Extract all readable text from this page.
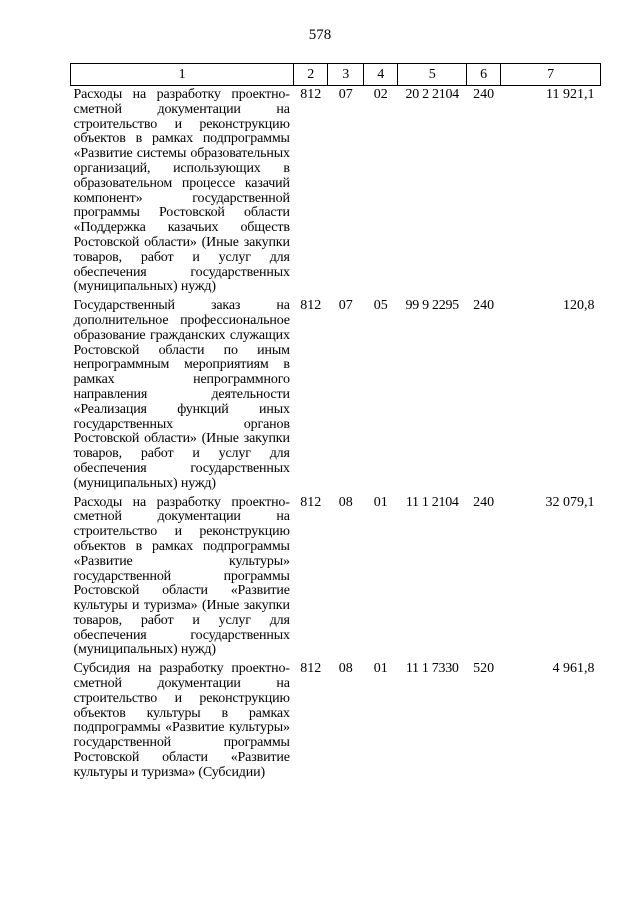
578
1	2	3	4	5	6	7
Расходы на разработку проектно-сметной документации на строительство и реконструкцию объектов в рамках подпрограммы «Развитие системы образовательных организаций, использующих в образовательном процессе казачий компонент» государственной программы Ростовской области «Поддержка казачьих обществ Ростовской области» (Иные закупки товаров, работ и услуг для обеспечения государственных (муниципальных) нужд)	812	07	02	20 2 2104	240	11 921,1
Государственный заказ на дополнительное профессиональное образование гражданских служащих Ростовской области по иным непрограммным мероприятиям в рамках непрограммного направления деятельности «Реализация функций иных государственных органов Ростовской области» (Иные закупки товаров, работ и услуг для обеспечения государственных (муниципальных) нужд)	812	07	05	99 9 2295	240	120,8
Расходы на разработку проектно-сметной документации на строительство и реконструкцию объектов в рамках подпрограммы «Развитие культуры» государственной программы Ростовской области «Развитие культуры и туризма» (Иные закупки товаров, работ и услуг для обеспечения государственных (муниципальных) нужд)	812	08	01	11 1 2104	240	32 079,1
Субсидия на разработку проектно-сметной документации на строительство и реконструкцию объектов культуры в рамках подпрограммы «Развитие культуры» государственной программы Ростовской области «Развитие культуры и туризма» (Субсидии)	812	08	01	11 1 7330	520	4 961,8
